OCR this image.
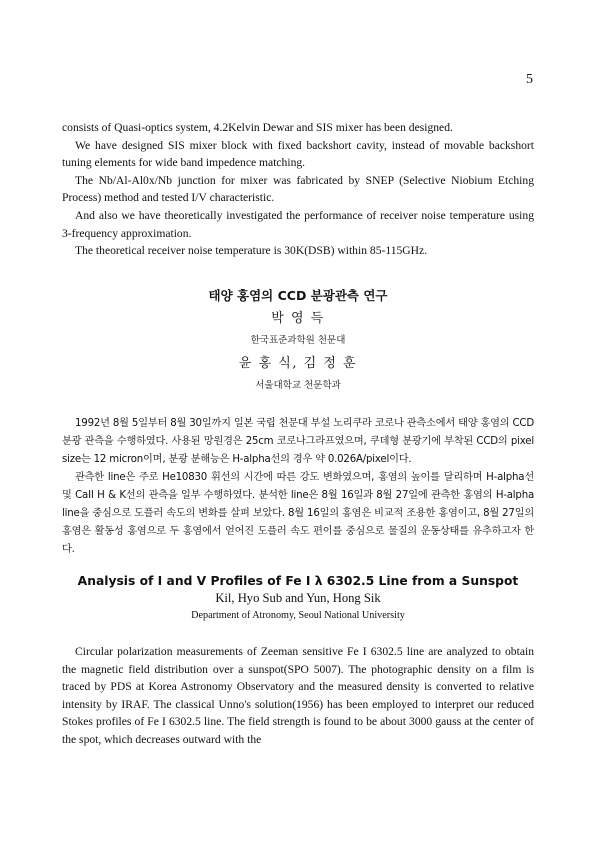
5

consists of Quasi-optics system, 4.2Kelvin Dewar and SIS mixer has been designed.

We have designed SIS mixer block with fixed backshort cavity, instead of movable backshort tuning elements for wide band impedence matching.

The Nb/Al-Al0x/Nb junction for mixer was fabricated by SNEP (Selective Niobium Etching Process) method and tested I/V characteristic.

And also we have theoretically investigated the performance of receiver noise temperature using 3-frequency approximation.

The theoretical receiver noise temperature is 30K(DSB) within 85-115GHz.

태양 홍염의 CCD 분광관측 연구
박 영 득
한국표준과학원 천문대
윤 홍 식, 김 정 훈
서울대학교 천문학과

1992년 8월 5일부터 8월 30일까지 일본 국립 천문대 부설 노리쿠라 코로나 관측소에서 태양 홍염의 CCD 분광 관측을 수행하였다. 사용된 망원경은 25cm 코로나그라프였으며, 쿠데형 분광기에 부착된 CCD의 pixel size는 12 micron이며, 분광 분해능은 H-alpha선의 경우 약 0.026A/pixel이다.

관측한 line은 주로 He10830 휘선의 시간에 따른 강도 변화였으며, 홍염의 높이를 달리하며 H-alpha선 및 CaII H & K선의 관측을 일부 수행하였다. 분석한 line은 8월 16일과 8월 27일에 관측한 홍염의 H-alpha line을 중심으로 도플러 속도의 변화를 살펴 보았다. 8월 16일의 홍염은 비교적 조용한 홍염이고, 8월 27일의 홍염은 활동성 홍염으로 두 홍염에서 얻어진 도플러 속도 편이를 중심으로 물질의 운동상태를 유추하고자 한다.

Analysis of I and V Profiles of Fe I λ 6302.5 Line from a Sunspot
Kil, Hyo Sub and Yun, Hong Sik
Department of Atronomy, Seoul National University

Circular polarization measurements of Zeeman sensitive Fe I 6302.5 line are analyzed to obtain the magnetic field distribution over a sunspot(SPO 5007). The photographic density on a film is traced by PDS at Korea Astronomy Observatory and the measured density is converted to relative intensity by IRAF. The classical Unno's solution(1956) has been employed to interpret our reduced Stokes profiles of Fe I 6302.5 line. The field strength is found to be about 3000 gauss at the center of the spot, which decreases outward with the
